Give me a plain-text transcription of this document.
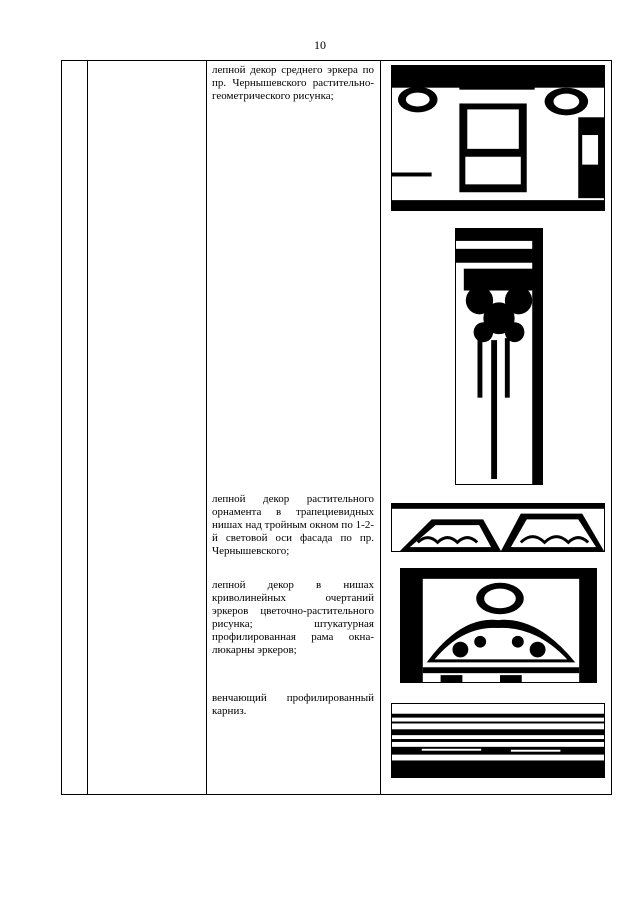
10
лепной декор среднего эркера по пр. Чернышевского растительно-геометрического рисунка;
лепной декор растительного орнамента в трапециевидных нишах над тройным окном по 1-2-й световой оси фасада по пр. Чернышевского;
лепной декор в нишах криволинейных очертаний эркеров цветочно-растительного рисунка; штукатурная профилированная рама окна-люкарны эркеров;
венчающий профилированный карниз.
